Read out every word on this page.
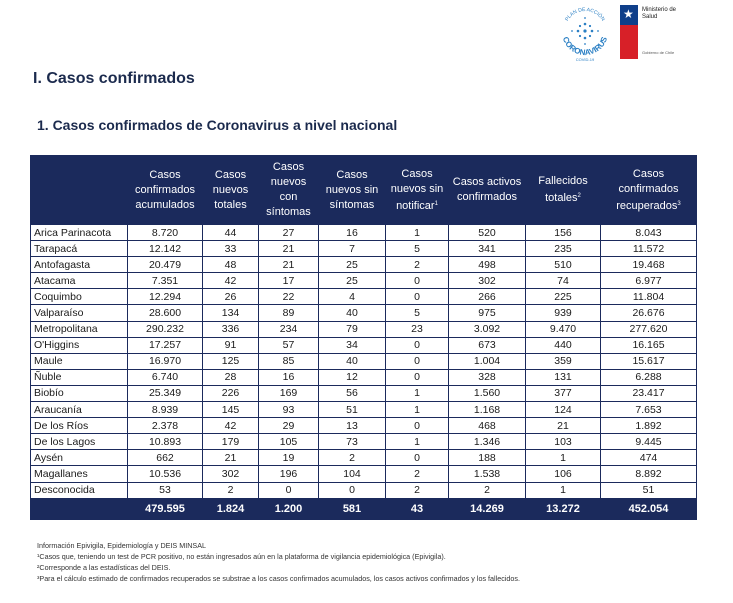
PLAN DE ACCIÓN
CORONAVIRUS
COVID-19
★ Ministerio de
Salud
Gobierno de Chile
I. Casos confirmados
1. Casos confirmados de Coronavirus a nivel nacional
	Casos confirmados acumulados	Casos nuevos totales	Casos nuevos con síntomas	Casos nuevos sin síntomas	Casos nuevos sin notificar$^1$	Casos activos confirmados	Fallecidos totales$^2$	Casos confirmados recuperados$^3$
Arica Parinacota	8.720	44	27	16	1	520	156	8.043
Tarapacá	12.142	33	21	7	5	341	235	11.572
Antofagasta	20.479	48	21	25	2	498	510	19.468
Atacama	7.351	42	17	25	0	302	74	6.977
Coquimbo	12.294	26	22	4	0	266	225	11.804
Valparaíso	28.600	134	89	40	5	975	939	26.676
Metropolitana	290.232	336	234	79	23	3.092	9.470	277.620
O'Higgins	17.257	91	57	34	0	673	440	16.165
Maule	16.970	125	85	40	0	1.004	359	15.617
Ñuble	6.740	28	16	12	0	328	131	6.288
Biobío	25.349	226	169	56	1	1.560	377	23.417
Araucanía	8.939	145	93	51	1	1.168	124	7.653
De los Ríos	2.378	42	29	13	0	468	21	1.892
De los Lagos	10.893	179	105	73	1	1.346	103	9.445
Aysén	662	21	19	2	0	188	1	474
Magallanes	10.536	302	196	104	2	1.538	106	8.892
Desconocida	53	2	0	0	2	2	1	51
	479.595	1.824	1.200	581	43	14.269	13.272	452.054
Información Epivigila, Epidemiología y DEIS MINSAL
¹Casos que, teniendo un test de PCR positivo, no están ingresados aún en la plataforma de vigilancia epidemiológica (Epivigila).
²Corresponde a las estadísticas del DEIS.
³Para el cálculo estimado de confirmados recuperados se substrae a los casos confirmados acumulados, los casos activos confirmados y los fallecidos.
